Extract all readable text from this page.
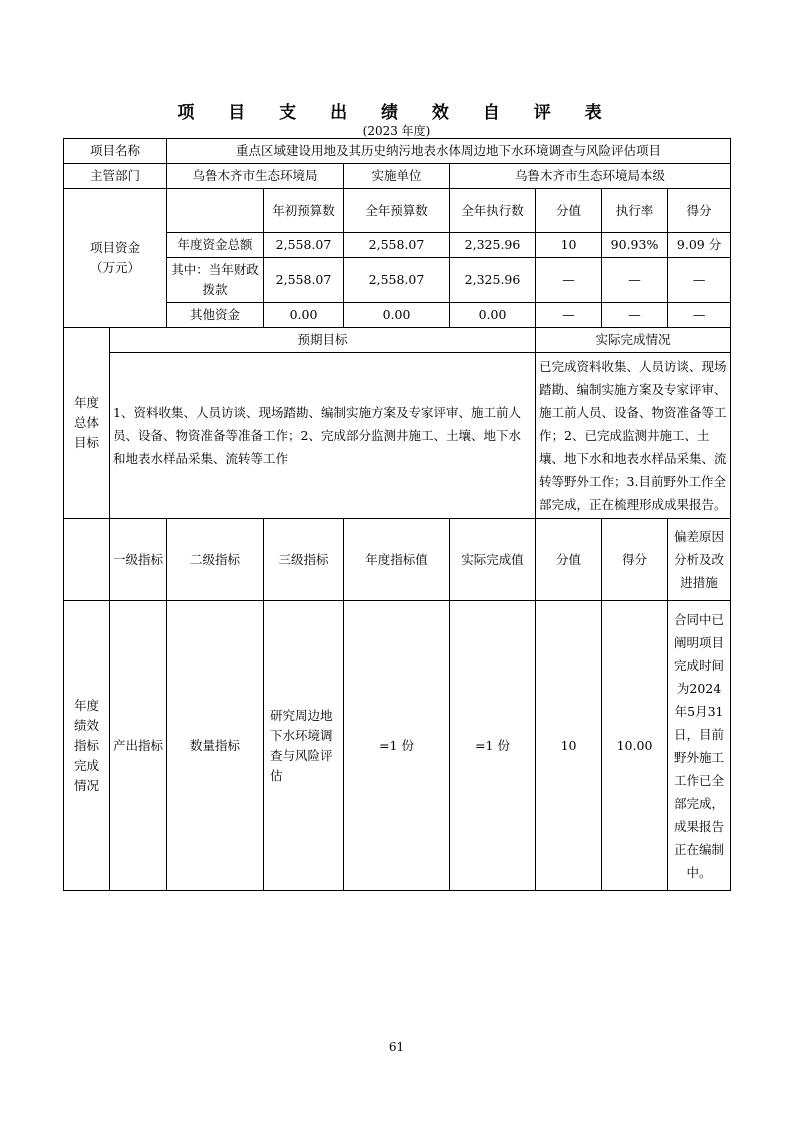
项 目 支 出 绩 效 自 评 表
(2023 年度)
项目名称		重点区域建设用地及其历史纳污地表水体周边地下水环境调查与风险评估项目						
主管部门		乌鲁木齐市生态环境局		实施单位	乌鲁木齐市生态环境局本级			
项目资金
（万元）			年初预算数	全年预算数	全年执行数	分值	执行率	得分
		年度资金总额	2,558.07	2,558.07	2,325.96	10	90.93%	9.09 分
		其中：当年财政拨款	2,558.07	2,558.07	2,325.96	—	—	—
		其他资金	0.00	0.00	0.00	—	—	—
年度
总体
目标	预期目标					实际完成情况		
	1、资料收集、人员访谈、现场踏勘、编制实施方案及专家评审、施工前人员、设备、物资准备等准备工作；2、完成部分监测井施工、土壤、地下水和地表水样品采集、流转等工作					已完成资料收集、人员访谈、现场踏勘、编制实施方案及专家评审、施工前人员、设备、物资准备等工作；2、已完成监测井施工、土壤、地下水和地表水样品采集、流转等野外工作；3.目前野外工作全部完成，正在梳理形成成果报告。		
	一级指标	二级指标	三级指标	年度指标值	实际完成值	分值	得分	偏差原因分析及改进措施
年度
绩效
指标
完成
情况	产出指标	数量指标	研究周边地下水环境调查与风险评估	=1 份	=1 份	10	10.00	合同中已阐明项目完成时间为2024年5月31日，目前野外施工工作已全部完成，成果报告正在编制中。
61
